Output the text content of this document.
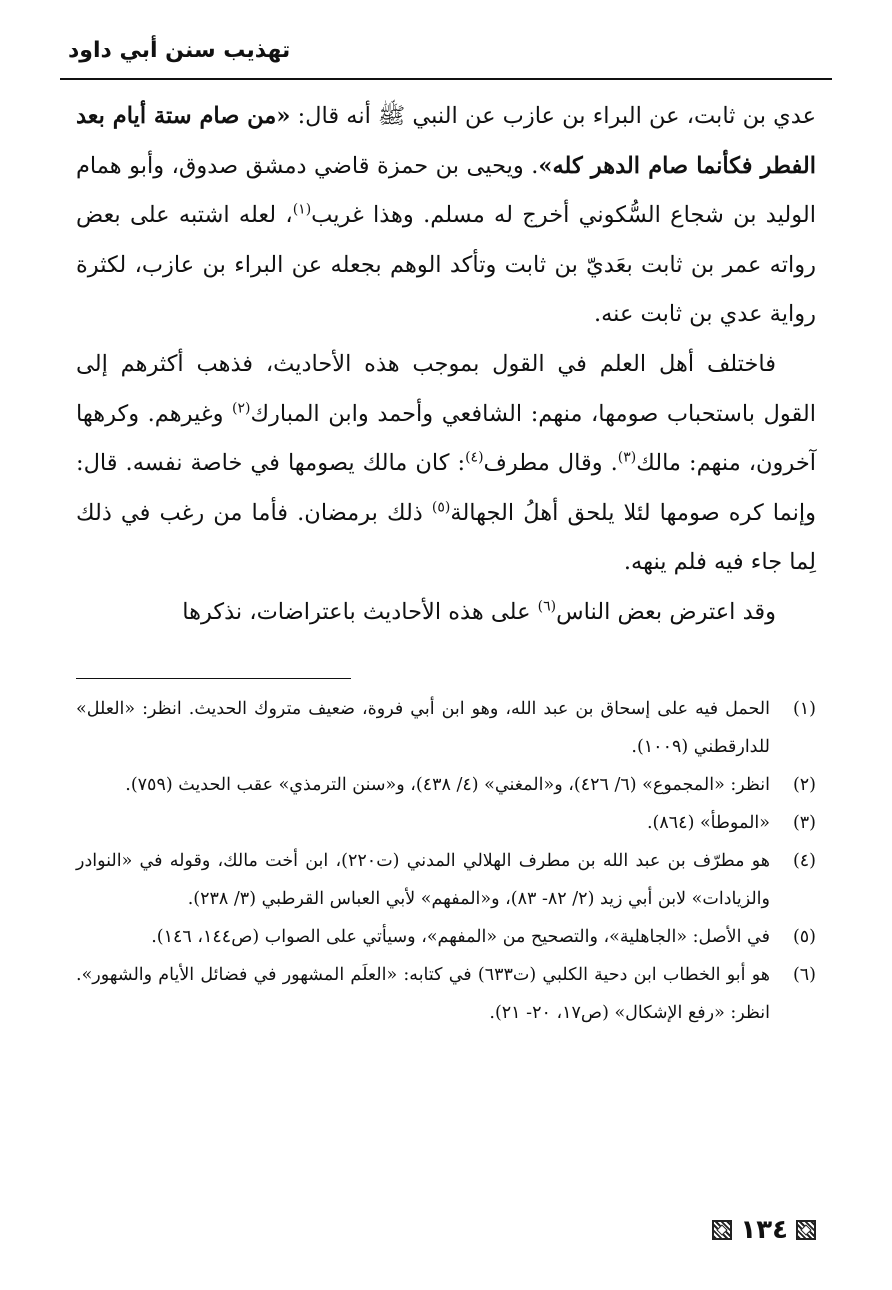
تهذيب سنن أبي داود

عدي بن ثابت، عن البراء بن عازب عن النبي ﷺ أنه قال: «من صام ستة أيام بعد الفطر فكأنما صام الدهر كله». ويحيى بن حمزة قاضي دمشق صدوق، وأبو همام الوليد بن شجاع السُّكوني أخرج له مسلم. وهذا غريب$^{(١)}$، لعله اشتبه على بعض رواته عمر بن ثابت بعَديّ بن ثابت وتأكد الوهم بجعله عن البراء بن عازب، لكثرة رواية عدي بن ثابت عنه.

فاختلف أهل العلم في القول بموجب هذه الأحاديث، فذهب أكثرهم إلى القول باستحباب صومها، منهم: الشافعي وأحمد وابن المبارك$^{(٢)}$ وغيرهم. وكرهها آخرون، منهم: مالك$^{(٣)}$. وقال مطرف$^{(٤)}$: كان مالك يصومها في خاصة نفسه. قال: وإنما كره صومها لئلا يلحق أهلُ الجهالة$^{(٥)}$ ذلك برمضان. فأما من رغب في ذلك لِما جاء فيه فلم ينهه.

وقد اعترض بعض الناس$^{(٦)}$ على هذه الأحاديث باعتراضات، نذكرها

(١)
الحمل فيه على إسحاق بن عبد الله، وهو ابن أبي فروة، ضعيف متروك الحديث. انظر: «العلل» للدارقطني (١٠٠٩).
(٢)
انظر: «المجموع» (٦/ ٤٢٦)، و«المغني» (٤/ ٤٣٨)، و«سنن الترمذي» عقب الحديث (٧٥٩).
(٣)
«الموطأ» (٨٦٤).
(٤)
هو مطرّف بن عبد الله بن مطرف الهلالي المدني (ت٢٢٠)، ابن أخت مالك، وقوله في «النوادر والزيادات» لابن أبي زيد (٢/ ٨٢- ٨٣)، و«المفهم» لأبي العباس القرطبي (٣/ ٢٣٨).
(٥)
في الأصل: «الجاهلية»، والتصحيح من «المفهم»، وسيأتي على الصواب (ص١٤٤، ١٤٦).
(٦)
هو أبو الخطاب ابن دحية الكلبي (ت٦٣٣) في كتابه: «العلَم المشهور في فضائل الأيام والشهور». انظر: «رفع الإشكال» (ص١٧، ٢٠- ٢١).
١٣٤
